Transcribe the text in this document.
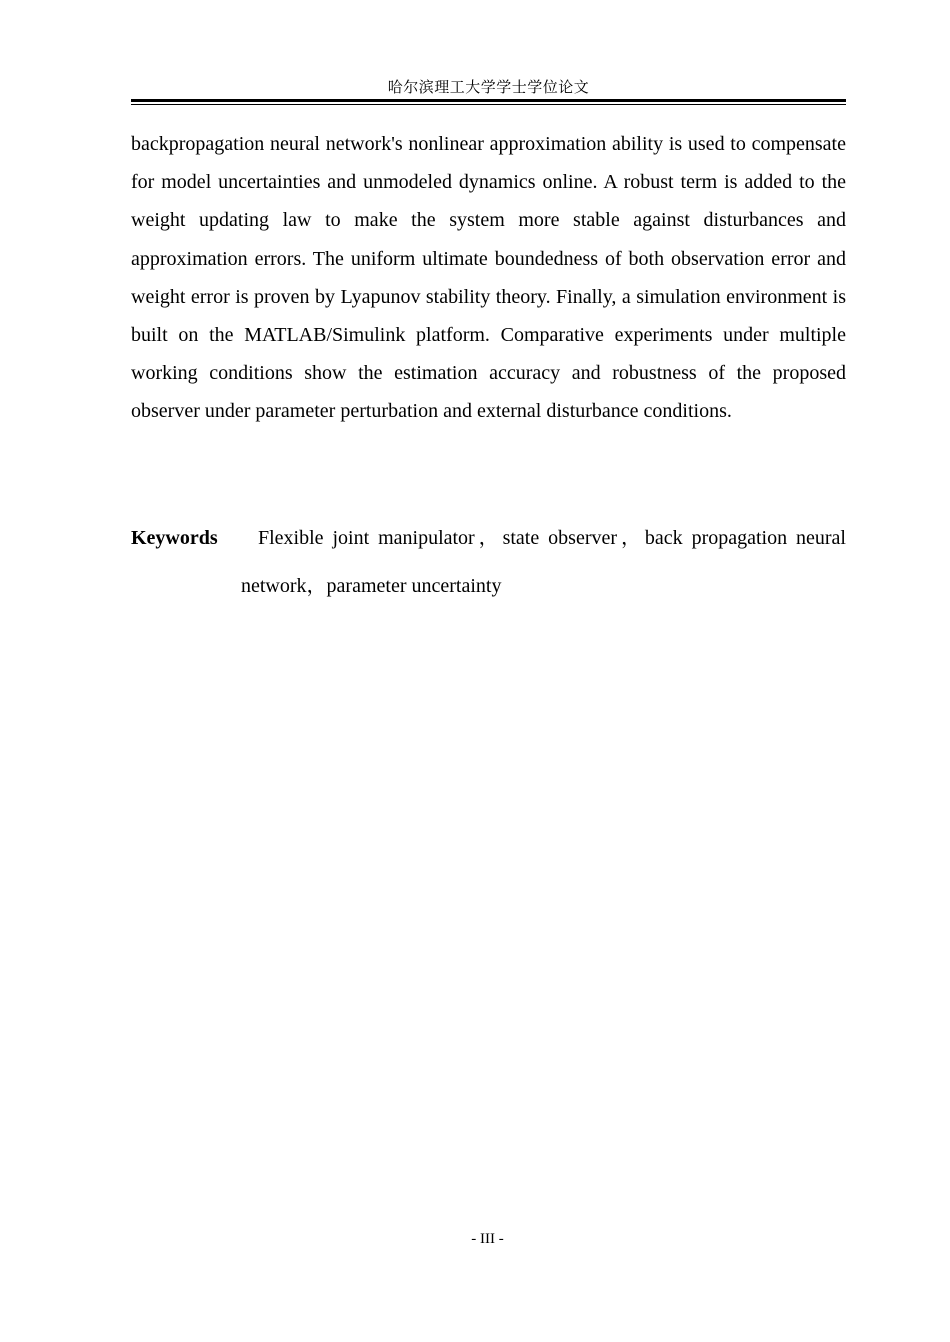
哈尔滨理工大学学士学位论文

backpropagation neural network's nonlinear approximation ability is used to compensate for model uncertainties and unmodeled dynamics online. A robust term is added to the weight updating law to make the system more stable against disturbances and approximation errors. The uniform ultimate boundedness of both observation error and weight error is proven by Lyapunov stability theory. Finally, a simulation environment is built on the MATLAB/Simulink platform. Comparative experiments under multiple working conditions show the estimation accuracy and robustness of the proposed observer under parameter perturbation and external disturbance conditions.

Keywords	Flexible joint manipulator，state observer，back propagation neural network，parameter uncertainty

- III -
